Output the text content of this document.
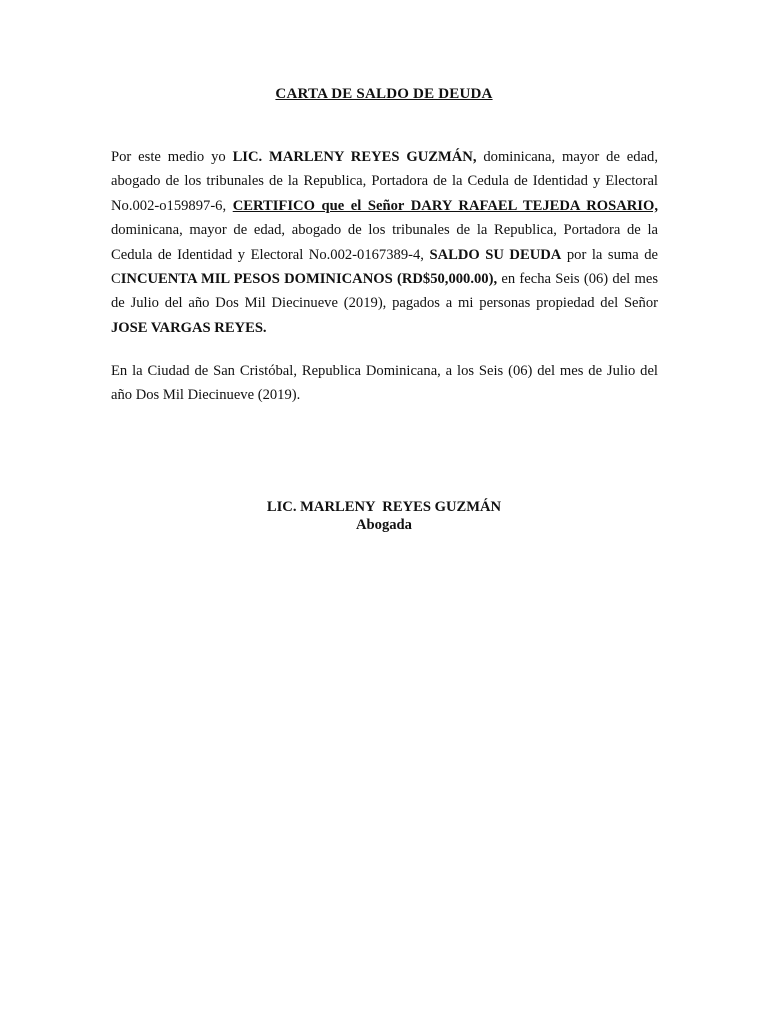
CARTA DE SALDO DE DEUDA

Por este medio yo LIC. MARLENY REYES GUZMÁN, dominicana, mayor de edad, abogado de los tribunales de la Republica, Portadora de la Cedula de Identidad y Electoral No.002-o159897-6, CERTIFICO que el Señor DARY RAFAEL TEJEDA ROSARIO, dominicana, mayor de edad, abogado de los tribunales de la Republica, Portadora de la Cedula de Identidad y Electoral No.002-0167389-4, SALDO SU DEUDA por la suma de CINCUENTA MIL PESOS DOMINICANOS (RD$50,000.00), en fecha Seis (06) del mes de Julio del año Dos Mil Diecinueve (2019), pagados a mi personas propiedad del Señor JOSE VARGAS REYES.

En la Ciudad de San Cristóbal, Republica Dominicana, a los Seis (06) del mes de Julio del año Dos Mil Diecinueve (2019).

LIC. MARLENY  REYES GUZMÁN
Abogada
